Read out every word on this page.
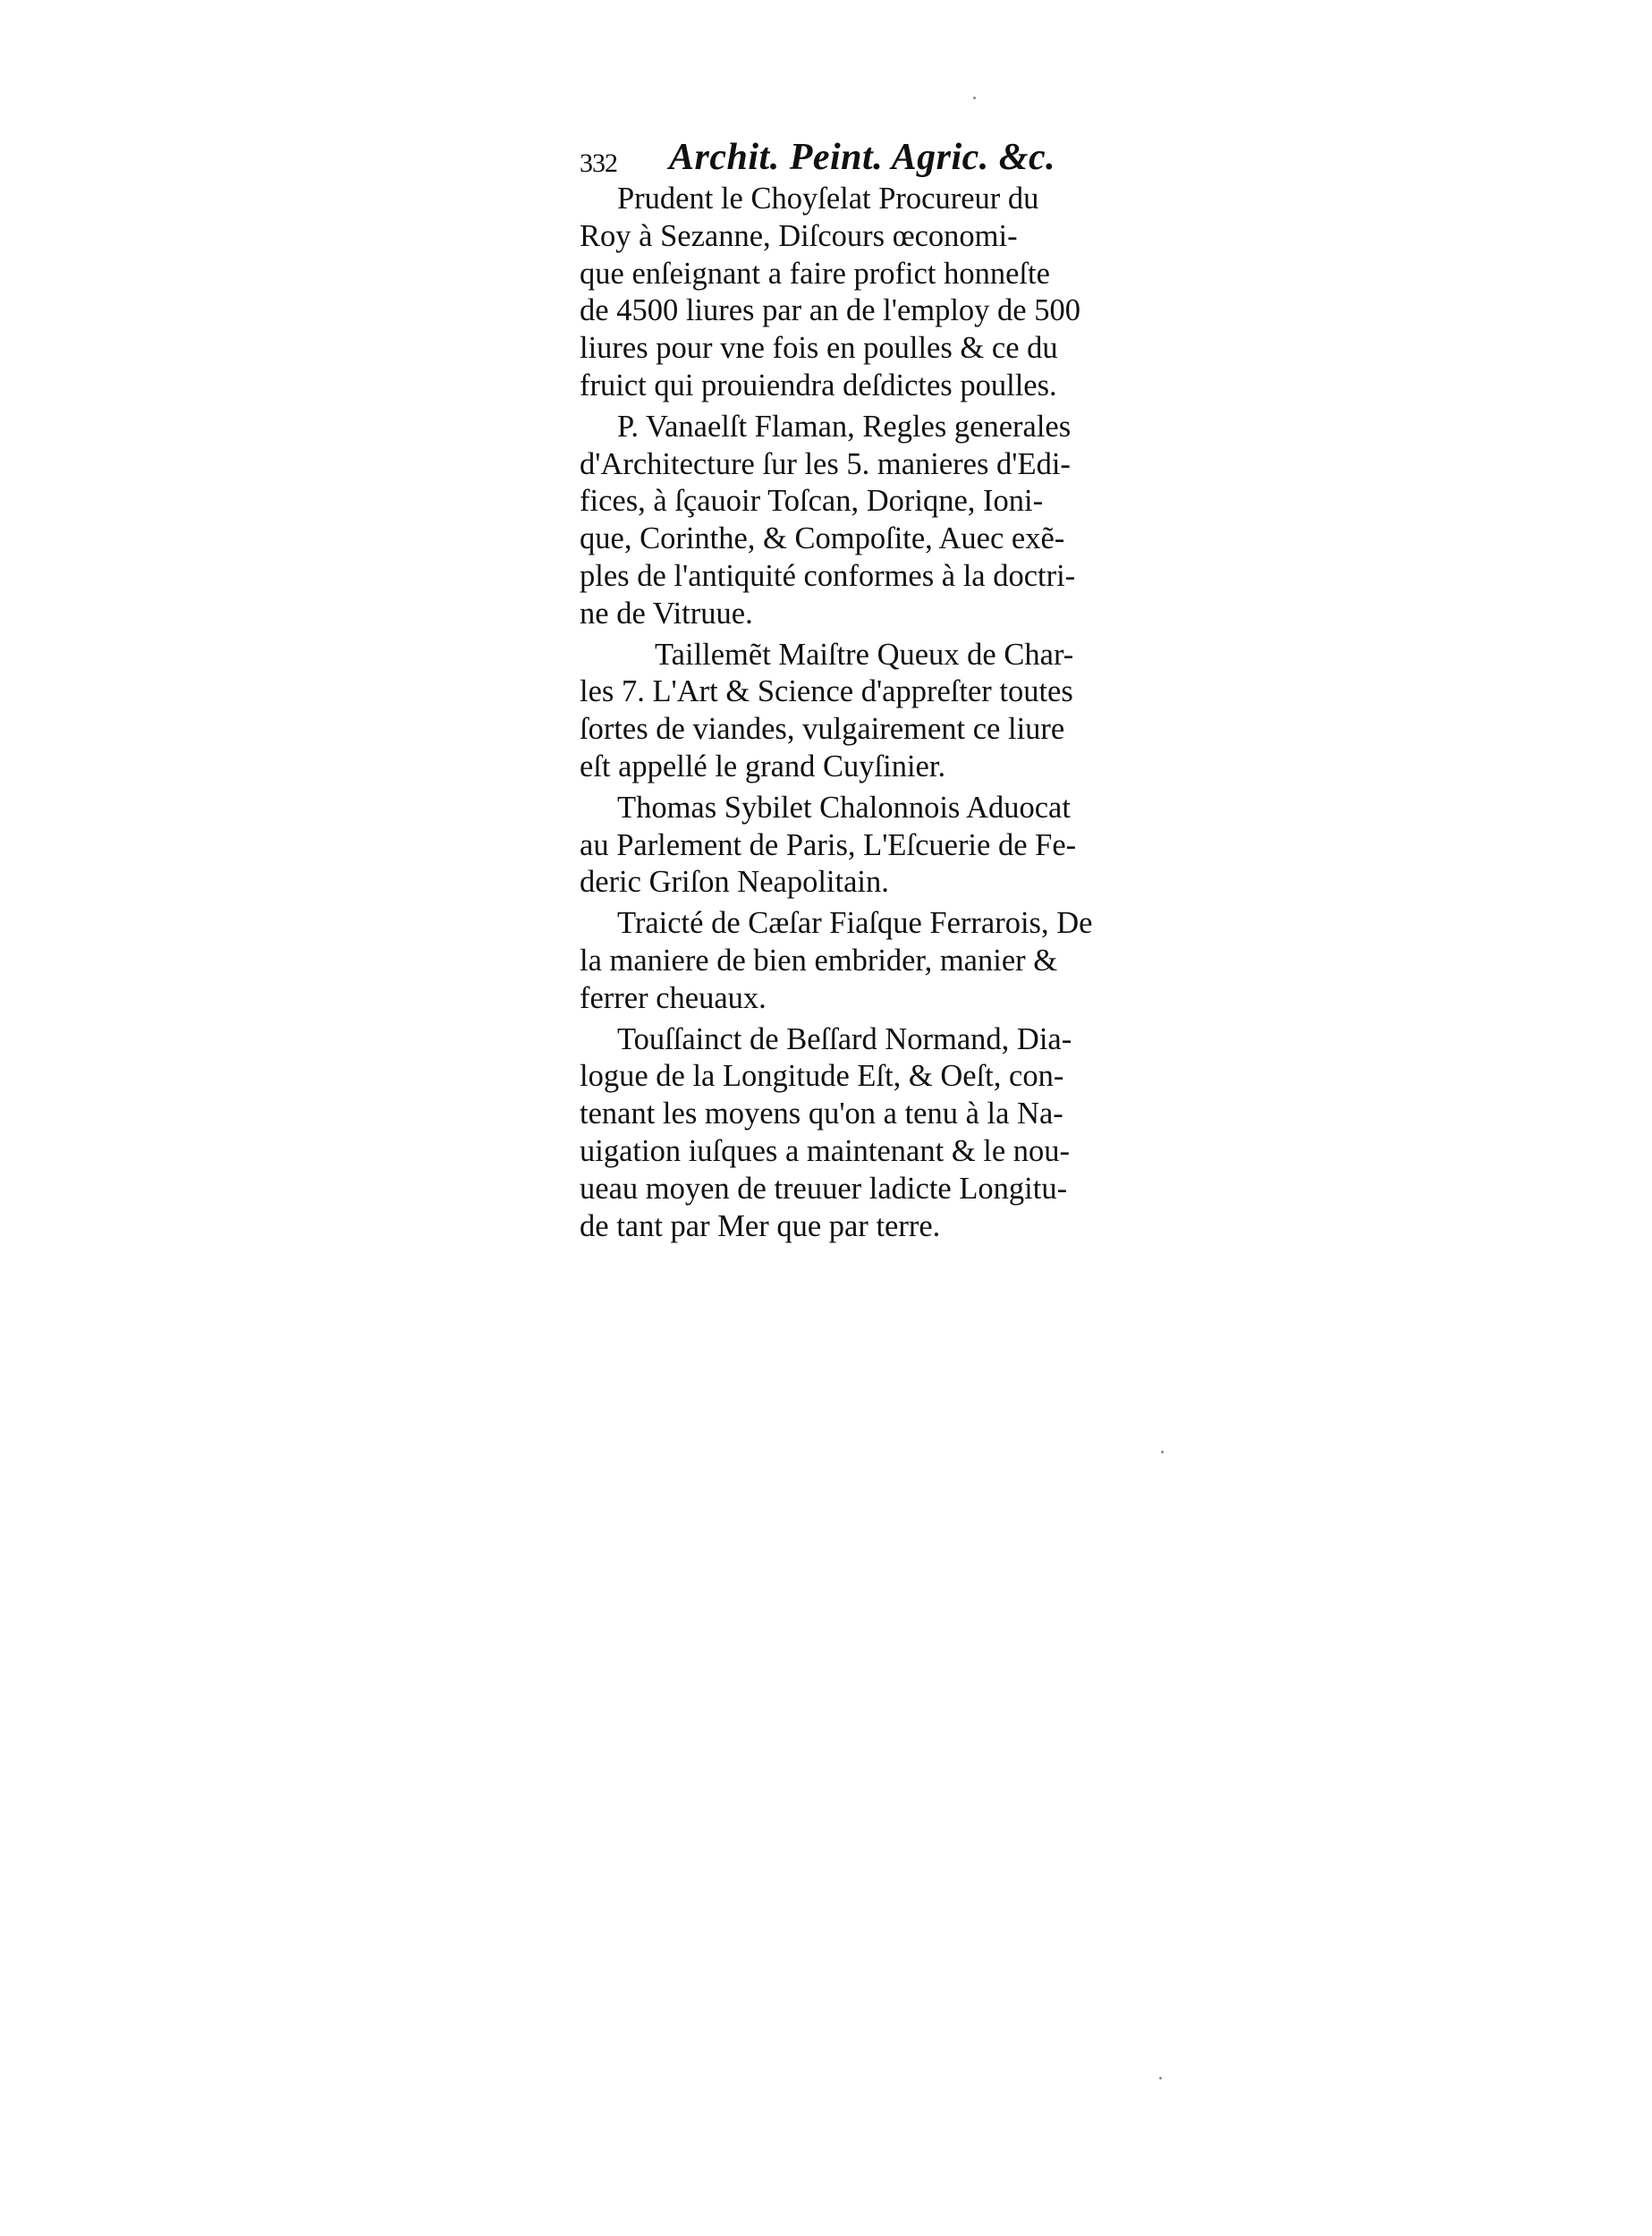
332 Archit. Peint. Agric. &c.
Prudent le Choyſelat Procureur du
Roy à Sezanne, Diſcours œconomi-
que enſeignant a faire profict honneſte
de 4500 liures par an de l'employ de 500
liures pour vne fois en poulles & ce du
fruict qui prouiendra deſdictes poulles.
P. Vanaelſt Flaman, Regles generales
d'Architecture ſur les 5. manieres d'Edi-
fices, à ſçauoir Toſcan, Doriqne, Ioni-
que, Corinthe, & Compoſite, Auec exẽ-
ples de l'antiquité conformes à la doctri-
ne de Vitruue.
Taillemẽt Maiſtre Queux de Char-
les 7. L'Art & Science d'appreſter toutes
ſortes de viandes, vulgairement ce liure
eſt appellé le grand Cuyſinier.
Thomas Sybilet Chalonnois Aduocat
au Parlement de Paris, L'Eſcuerie de Fe-
deric Griſon Neapolitain.
Traicté de Cæſar Fiaſque Ferrarois, De
la maniere de bien embrider, manier &
ferrer cheuaux.
Touſſainct de Beſſard Normand, Dia-
logue de la Longitude Eſt, & Oeſt, con-
tenant les moyens qu'on a tenu à la Na-
uigation iuſques a maintenant & le nou-
ueau moyen de treuuer ladicte Longitu-
de tant par Mer que par terre.
